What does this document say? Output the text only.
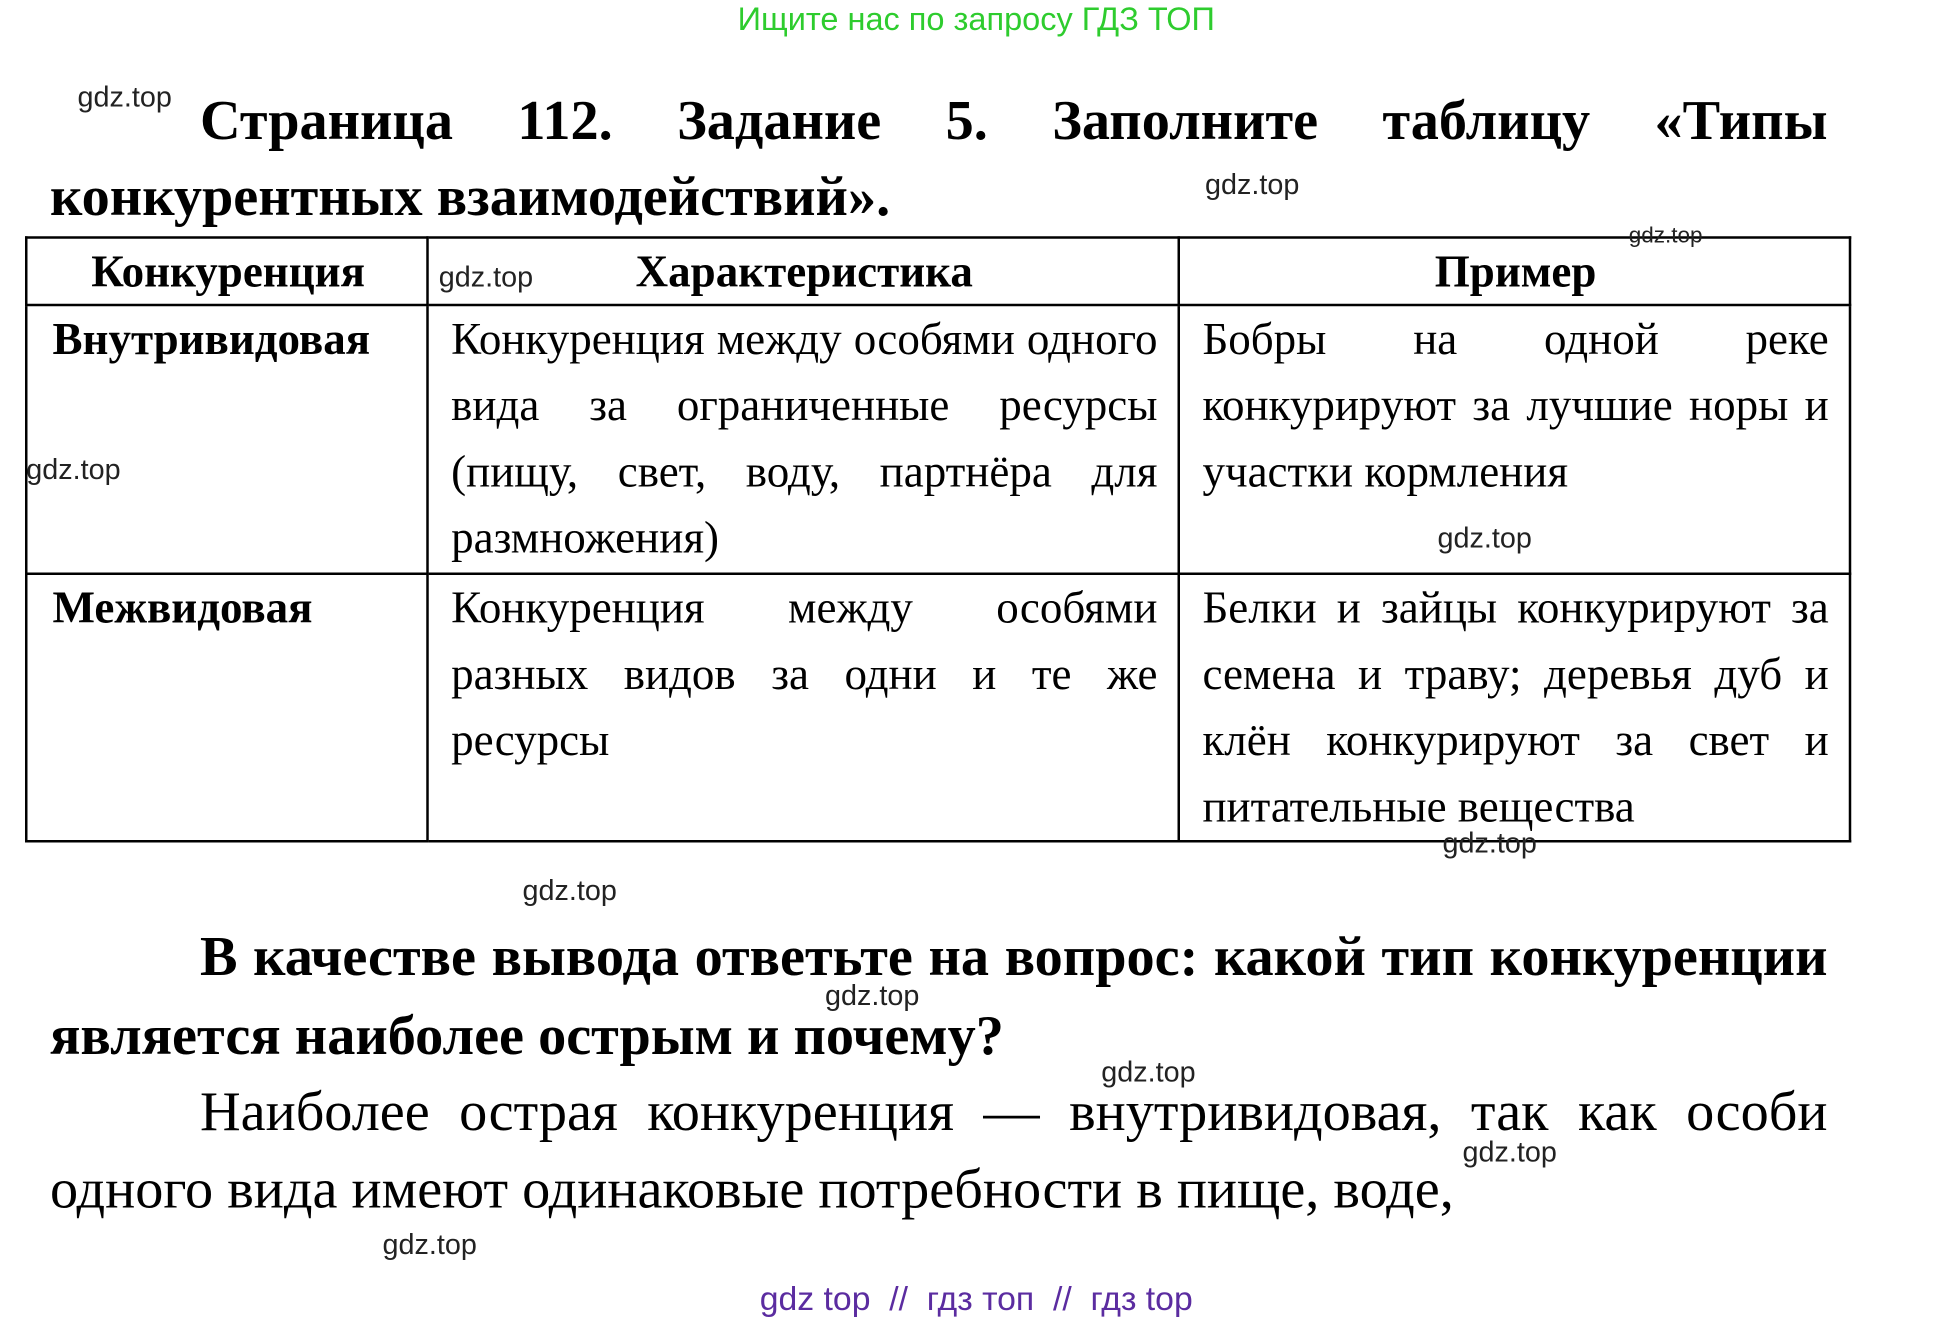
Ищите нас по запросу ГДЗ ТОП
Страница 112. Задание 5. Заполните таблицу «Типы конкурентных взаимодействий».
Конкуренция	Характеристика	Пример
Внутривидовая	Конкуренция между особями одного вида за ограниченные ресурсы (пищу, свет, воду, партнёра для размножения)	Бобры на одной реке конкурируют за лучшие норы и участки кормления
Межвидовая	Конкуренция между особями разных видов за одни и те же ресурсы	Белки и зайцы конкурируют за семена и траву; деревья дуб и клён конкурируют за свет и питательные вещества
В качестве вывода ответьте на вопрос: какой тип конкуренции является наиболее острым и почему?
Наиболее острая конкуренция — внутривидовая, так как особи одного вида имеют одинаковые потребности в пище, воде,
gdz.top
gdz.top
gdz.top
gdz.top
gdz.top
gdz.top
gdz.top
gdz.top
gdz.top
gdz.top
gdz.top
gdz.top
gdz top  //  гдз топ  //  гдз top
